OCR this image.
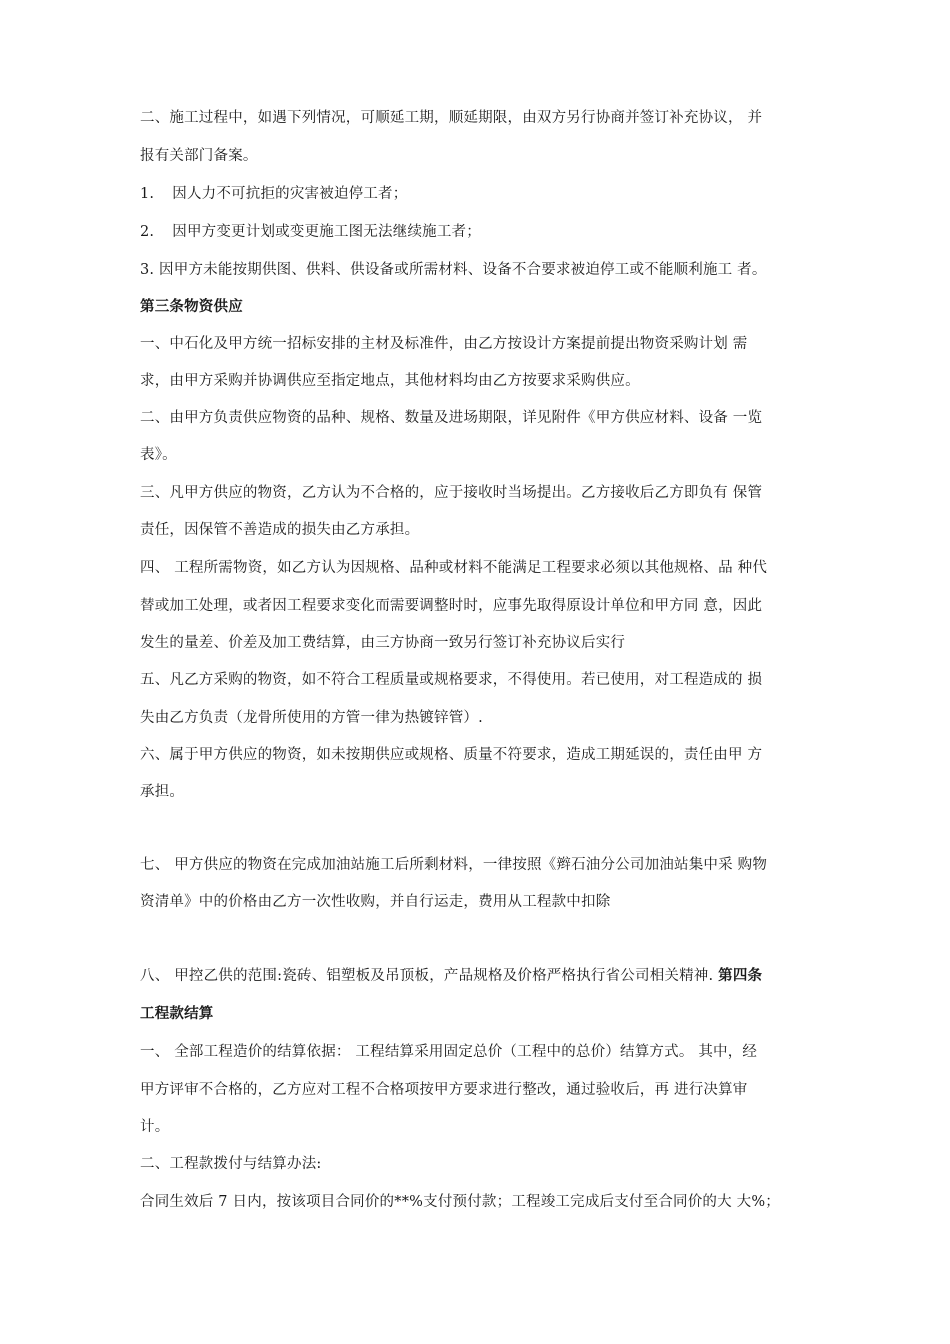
二、施工过程中，如遇下列情况，可顺延工期，顺延期限，由双方另行协商并签订补充协议， 并
报有关部门备案。
1. 因人力不可抗拒的灾害被迫停工者；
2. 因甲方变更计划或变更施工图无法继续施工者；
3. 因甲方未能按期供图、供料、供设备或所需材料、设备不合要求被迫停工或不能顺利施工 者。
第三条物资供应
一、中石化及甲方统一招标安排的主材及标准件，由乙方按设计方案提前提出物资采购计划 需
求，由甲方采购并协调供应至指定地点，其他材料均由乙方按要求采购供应。
二、由甲方负责供应物资的品种、规格、数量及进场期限，详见附件《甲方供应材料、设备 一览
表》。
三、凡甲方供应的物资，乙方认为不合格的，应于接收时当场提出。乙方接收后乙方即负有 保管
责任，因保管不善造成的损失由乙方承担。
四、 工程所需物资，如乙方认为因规格、品种或材料不能满足工程要求必须以其他规格、品 种代
替或加工处理，或者因工程要求变化而需要调整时时，应事先取得原设计单位和甲方同 意，因此
发生的量差、价差及加工费结算，由三方协商一致另行签订补充协议后实行
五、凡乙方采购的物资，如不符合工程质量或规格要求，不得使用。若已使用，对工程造成的 损
失由乙方负责（龙骨所使用的方管一律为热镀锌管）.
六、属于甲方供应的物资，如未按期供应或规格、质量不符要求，造成工期延误的，责任由甲 方
承担。
七、 甲方供应的物资在完成加油站施工后所剩材料，一律按照《辫石油分公司加油站集中采 购物
资清单》中的价格由乙方一次性收购，并自行运走，费用从工程款中扣除
八、 甲控乙供的范围:瓷砖、铝塑板及吊顶板，产品规格及价格严格执行省公司相关精神. 第四条
工程款结算
一、 全部工程造价的结算依据： 工程结算采用固定总价（工程中的总价）结算方式。 其中，经
甲方评审不合格的，乙方应对工程不合格项按甲方要求进行整改，通过验收后，再 进行决算审
计。
二、工程款拨付与结算办法:
合同生效后 7 日内，按该项目合同价的**%支付预付款；工程竣工完成后支付至合同价的大 大%；
